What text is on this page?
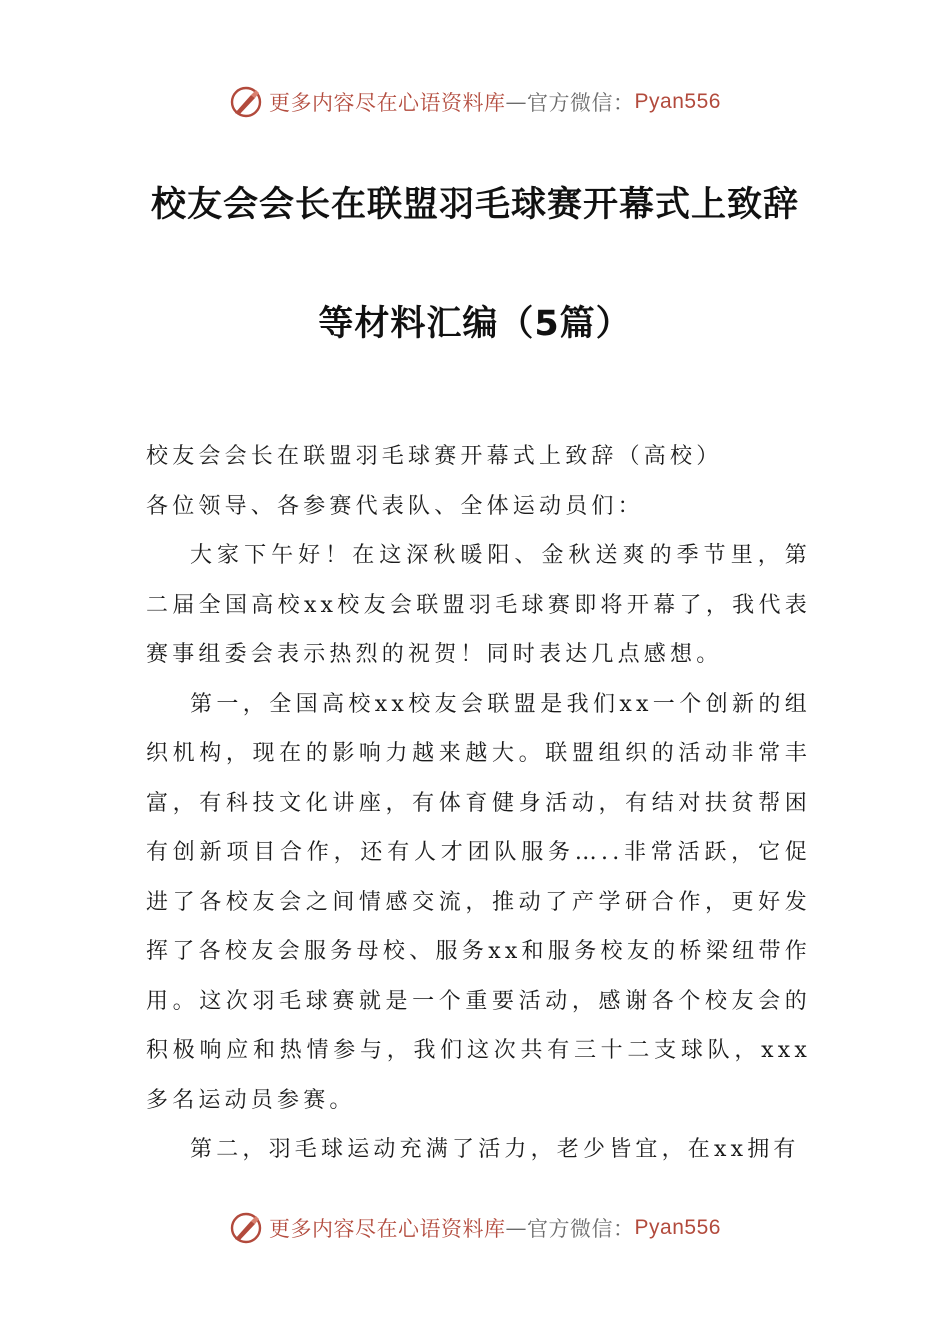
更多内容尽在心语资料库 — 官方微信： Pyan556
校友会会长在联盟羽毛球赛开幕式上致辞
等材料汇编（5篇）

校友会会长在联盟羽毛球赛开幕式上致辞（高校）

各位领导、各参赛代表队、全体运动员们：

大家下午好！在这深秋暖阳、金秋送爽的季节里，第二届全国高校xx校友会联盟羽毛球赛即将开幕了，我代表赛事组委会表示热烈的祝贺！同时表达几点感想。

第一，全国高校xx校友会联盟是我们xx一个创新的组织机构，现在的影响力越来越大。联盟组织的活动非常丰富，有科技文化讲座，有体育健身活动，有结对扶贫帮困有创新项目合作，还有人才团队服务…..非常活跃，它促进了各校友会之间情感交流，推动了产学研合作，更好发挥了各校友会服务母校、服务xx和服务校友的桥梁纽带作用。这次羽毛球赛就是一个重要活动，感谢各个校友会的积极响应和热情参与，我们这次共有三十二支球队，xxx多名运动员参赛。

第二，羽毛球运动充满了活力，老少皆宜，在xx拥有

更多内容尽在心语资料库 — 官方微信： Pyan556
